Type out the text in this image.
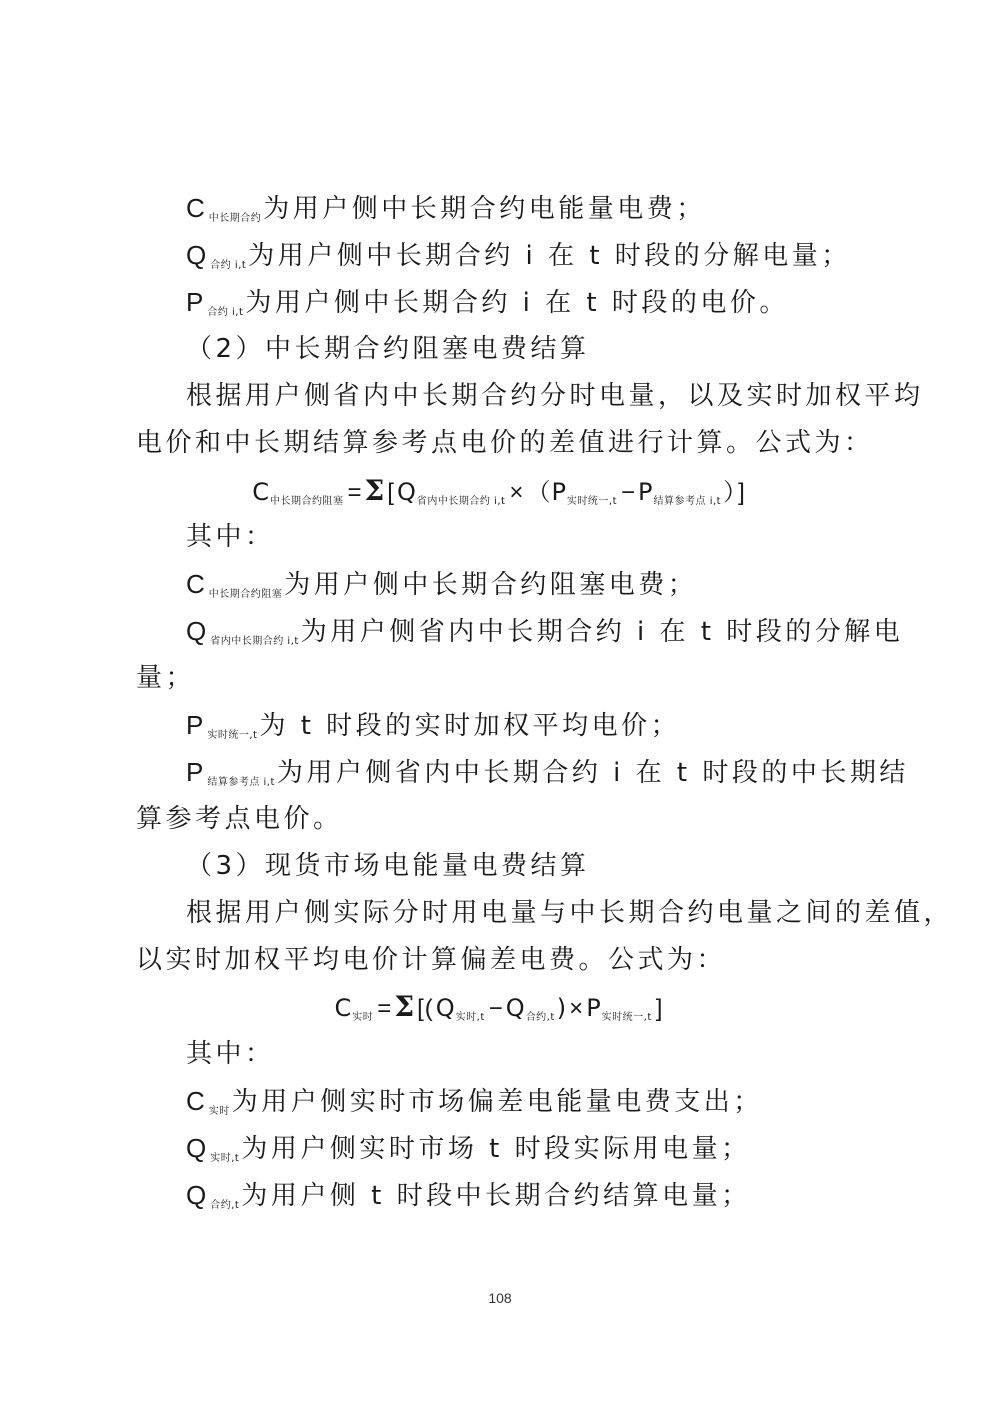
C $_{中长期合约}$为用户侧中长期合约电能量电费；
Q $_{合约 i,t}$为用户侧中长期合约 i 在 t 时段的分解电量；
P $_{合约 i,t}$为用户侧中长期合约 i 在 t 时段的电价。
（2）中长期合约阻塞电费结算
根据用户侧省内中长期合约分时电量，以及实时加权平均
电价和中长期结算参考点电价的差值进行计算。公式为：
$C_{中长期合约阻塞} =\Sigma[Q_{省内中长期合约 i,t} \times(P_{实时统一,t} -P_{结算参考点 i,t})]$
其中：
C $_{中长期合约阻塞}$为用户侧中长期合约阻塞电费；
Q $_{省内中长期合约 i,t}$为用户侧省内中长期合约 i 在 t 时段的分解电
量；
P $_{实时统一,t}$为 t 时段的实时加权平均电价；
P $_{结算参考点 i,t}$为用户侧省内中长期合约 i 在 t 时段的中长期结
算参考点电价。
（3）现货市场电能量电费结算
根据用户侧实际分时用电量与中长期合约电量之间的差值，
以实时加权平均电价计算偏差电费。公式为：
$C_{实时} =\Sigma[(Q_{实时,t} -Q_{合约,t})\times P_{实时统一,t}$ ]
其中：
C $_{实时}$为用户侧实时市场偏差电能量电费支出；
Q $_{实时,t}$为用户侧实时市场 t 时段实际用电量；
Q $_{合约,t}$为用户侧 t 时段中长期合约结算电量；
108
